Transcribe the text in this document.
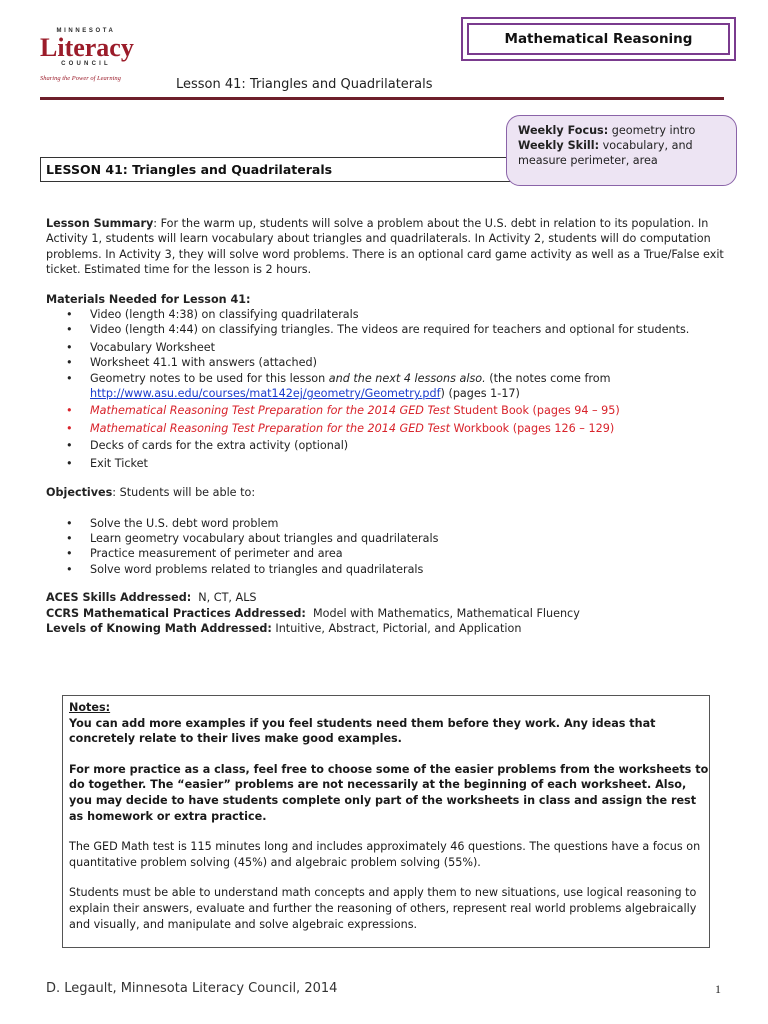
MINNESOTA
Literacy
COUNCIL
Sharing the Power of Learning	Lesson 41: Triangles and Quadrilaterals
Mathematical Reasoning
LESSON 41: Triangles and Quadrilaterals
Weekly Focus: geometry intro
Weekly Skill: vocabulary, and
measure perimeter, area

Lesson Summary: For the warm up, students will solve a problem about the U.S. debt in relation to its population. In Activity 1, students will learn vocabulary about triangles and quadrilaterals. In Activity 2, students will do computation problems. In Activity 3, they will solve word problems. There is an optional card game activity as well as a True/False exit ticket. Estimated time for the lesson is 2 hours.

Materials Needed for Lesson 41:

• Video (length 4:38) on classifying quadrilaterals
• Video (length 4:44) on classifying triangles. The videos are required for teachers and optional for students.
• Vocabulary Worksheet
• Worksheet 41.1 with answers (attached)
• Geometry notes to be used for this lesson and the next 4 lessons also. (the notes come from
http://www.asu.edu/courses/mat142ej/geometry/Geometry.pdf) (pages 1-17)
• Mathematical Reasoning Test Preparation for the 2014 GED Test Student Book (pages 94 – 95)
• Mathematical Reasoning Test Preparation for the 2014 GED Test Workbook (pages 126 – 129)
• Decks of cards for the extra activity (optional)
• Exit Ticket

Objectives: Students will be able to:

• Solve the U.S. debt word problem
• Learn geometry vocabulary about triangles and quadrilaterals
• Practice measurement of perimeter and area
• Solve word problems related to triangles and quadrilaterals

ACES Skills Addressed:  N, CT, ALS

CCRS Mathematical Practices Addressed:  Model with Mathematics, Mathematical Fluency

Levels of Knowing Math Addressed: Intuitive, Abstract, Pictorial, and Application

Notes:

You can add more examples if you feel students need them before they work. Any ideas that concretely relate to their lives make good examples.

For more practice as a class, feel free to choose some of the easier problems from the worksheets to do together. The “easier” problems are not necessarily at the beginning of each worksheet. Also, you may decide to have students complete only part of the worksheets in class and assign the rest as homework or extra practice.

The GED Math test is 115 minutes long and includes approximately 46 questions. The questions have a focus on quantitative problem solving (45%) and algebraic problem solving (55%).

Students must be able to understand math concepts and apply them to new situations, use logical reasoning to explain their answers, evaluate and further the reasoning of others, represent real world problems algebraically and visually, and manipulate and solve algebraic expressions.

D. Legault, Minnesota Literacy Council, 2014	1
